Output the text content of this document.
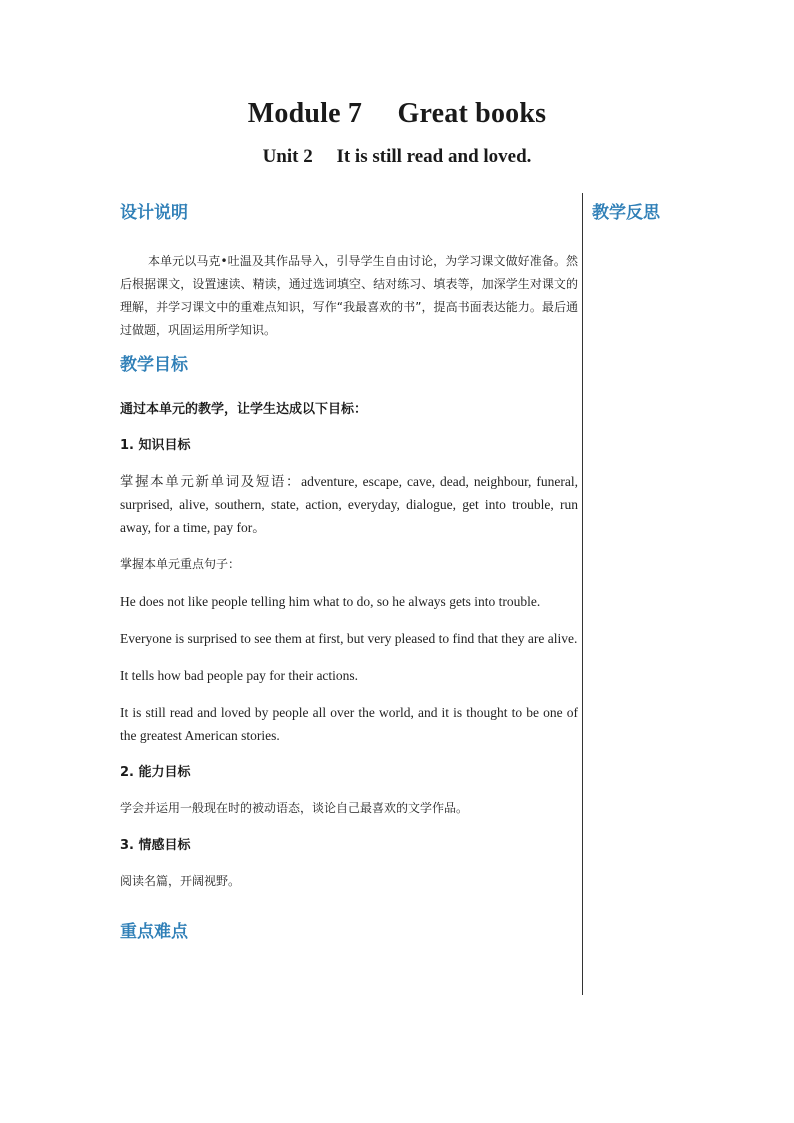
Module 7  Great books
Unit 2  It is still read and loved.
设计说明

本单元以马克•吐温及其作品导入，引导学生自由讨论，为学习课文做好准备。然后根据课文，设置速读、精读，通过选词填空、结对练习、填表等，加深学生对课文的理解，并学习课文中的重难点知识，写作“我最喜欢的书”，提高书面表达能力。最后通过做题，巩固运用所学知识。

教学目标

通过本单元的教学，让学生达成以下目标：

1. 知识目标

掌握本单元新单词及短语：adventure, escape, cave, dead, neighbour, funeral, surprised, alive, southern, state, action, everyday, dialogue, get into trouble, run away, for a time, pay for。

掌握本单元重点句子：

He does not like people telling him what to do, so he always gets into trouble.

Everyone is surprised to see them at first, but very pleased to find that they are alive.

It tells how bad people pay for their actions.

It is still read and loved by people all over the world, and it is thought to be one of the greatest American stories.

2. 能力目标

学会并运用一般现在时的被动语态，谈论自己最喜欢的文学作品。

3. 情感目标

阅读名篇，开阔视野。

重点难点
教学反思
